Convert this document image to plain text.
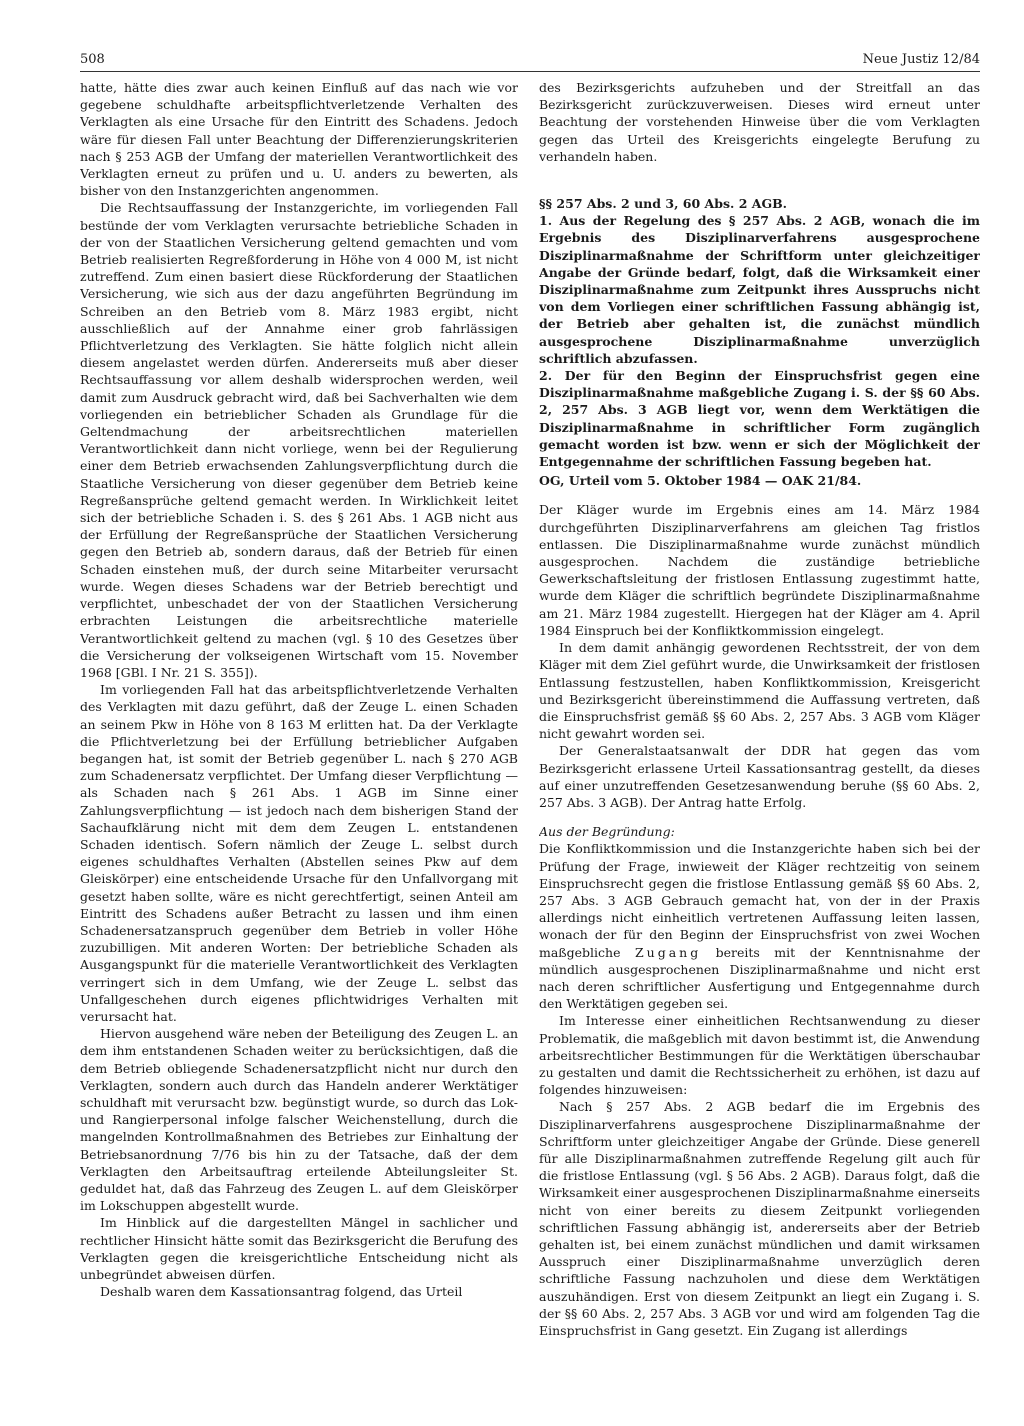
508	Neue Justiz 12/84

hatte, hätte dies zwar auch keinen Einfluß auf das nach wie vor gegebene schuldhafte arbeitspflichtverletzende Verhalten des Verklagten als eine Ursache für den Eintritt des Schadens. Jedoch wäre für diesen Fall unter Beachtung der Differenzierungskriterien nach § 253 AGB der Umfang der materiellen Verantwortlichkeit des Verklagten erneut zu prüfen und u. U. anders zu bewerten, als bisher von den Instanzgerichten angenommen.

Die Rechtsauffassung der Instanzgerichte, im vorliegenden Fall bestünde der vom Verklagten verursachte betriebliche Schaden in der von der Staatlichen Versicherung geltend gemachten und vom Betrieb realisierten Regreßforderung in Höhe von 4 000 M, ist nicht zutreffend. Zum einen basiert diese Rückforderung der Staatlichen Versicherung, wie sich aus der dazu angeführten Begründung im Schreiben an den Betrieb vom 8. März 1983 ergibt, nicht ausschließlich auf der Annahme einer grob fahrlässigen Pflichtverletzung des Verklagten. Sie hätte folglich nicht allein diesem angelastet werden dürfen. Andererseits muß aber dieser Rechtsauffassung vor allem deshalb widersprochen werden, weil damit zum Ausdruck gebracht wird, daß bei Sachverhalten wie dem vorliegenden ein betrieblicher Schaden als Grundlage für die Geltendmachung der arbeitsrechtlichen materiellen Verantwortlichkeit dann nicht vorliege, wenn bei der Regulierung einer dem Betrieb erwachsenden Zahlungsverpflichtung durch die Staatliche Versicherung von dieser gegenüber dem Betrieb keine Regreßansprüche geltend gemacht werden. In Wirklichkeit leitet sich der betriebliche Schaden i. S. des § 261 Abs. 1 AGB nicht aus der Erfüllung der Regreßansprüche der Staatlichen Versicherung gegen den Betrieb ab, sondern daraus, daß der Betrieb für einen Schaden einstehen muß, der durch seine Mitarbeiter verursacht wurde. Wegen dieses Schadens war der Betrieb berechtigt und verpflichtet, unbeschadet der von der Staatlichen Versicherung erbrachten Leistungen die arbeitsrechtliche materielle Verantwortlichkeit geltend zu machen (vgl. § 10 des Gesetzes über die Versicherung der volkseigenen Wirtschaft vom 15. November 1968 [GBl. I Nr. 21 S. 355]).

Im vorliegenden Fall hat das arbeitspflichtverletzende Verhalten des Verklagten mit dazu geführt, daß der Zeuge L. einen Schaden an seinem Pkw in Höhe von 8 163 M erlitten hat. Da der Verklagte die Pflichtverletzung bei der Erfüllung betrieblicher Aufgaben begangen hat, ist somit der Betrieb gegenüber L. nach § 270 AGB zum Schadenersatz verpflichtet. Der Umfang dieser Verpflichtung — als Schaden nach § 261 Abs. 1 AGB im Sinne einer Zahlungsverpflichtung — ist jedoch nach dem bisherigen Stand der Sachaufklärung nicht mit dem dem Zeugen L. entstandenen Schaden identisch. Sofern nämlich der Zeuge L. selbst durch eigenes schuldhaftes Verhalten (Abstellen seines Pkw auf dem Gleiskörper) eine entscheidende Ursache für den Unfallvorgang mit gesetzt haben sollte, wäre es nicht gerechtfertigt, seinen Anteil am Eintritt des Schadens außer Betracht zu lassen und ihm einen Schadenersatzanspruch gegenüber dem Betrieb in voller Höhe zuzubilligen. Mit anderen Worten: Der betriebliche Schaden als Ausgangspunkt für die materielle Verantwortlichkeit des Verklagten verringert sich in dem Umfang, wie der Zeuge L. selbst das Unfallgeschehen durch eigenes pflichtwidriges Verhalten mit verursacht hat.

Hiervon ausgehend wäre neben der Beteiligung des Zeugen L. an dem ihm entstandenen Schaden weiter zu berücksichtigen, daß die dem Betrieb obliegende Schadenersatzpflicht nicht nur durch den Verklagten, sondern auch durch das Handeln anderer Werktätiger schuldhaft mit verursacht bzw. begünstigt wurde, so durch das Lok- und Rangierpersonal infolge falscher Weichenstellung, durch die mangelnden Kontrollmaßnahmen des Betriebes zur Einhaltung der Betriebsanordnung 7/76 bis hin zu der Tatsache, daß der dem Verklagten den Arbeitsauftrag erteilende Abteilungsleiter St. geduldet hat, daß das Fahrzeug des Zeugen L. auf dem Gleiskörper im Lokschuppen abgestellt wurde.

Im Hinblick auf die dargestellten Mängel in sachlicher und rechtlicher Hinsicht hätte somit das Bezirksgericht die Berufung des Verklagten gegen die kreisgerichtliche Entscheidung nicht als unbegründet abweisen dürfen.

Deshalb waren dem Kassationsantrag folgend, das Urteil

des Bezirksgerichts aufzuheben und der Streitfall an das Bezirksgericht zurückzuverweisen. Dieses wird erneut unter Beachtung der vorstehenden Hinweise über die vom Verklagten gegen das Urteil des Kreisgerichts eingelegte Berufung zu verhandeln haben.

§§ 257 Abs. 2 und 3, 60 Abs. 2 AGB.

1. Aus der Regelung des § 257 Abs. 2 AGB, wonach die im Ergebnis des Disziplinarverfahrens ausgesprochene Disziplinarmaßnahme der Schriftform unter gleichzeitiger Angabe der Gründe bedarf, folgt, daß die Wirksamkeit einer Disziplinarmaßnahme zum Zeitpunkt ihres Ausspruchs nicht von dem Vorliegen einer schriftlichen Fassung abhängig ist, der Betrieb aber gehalten ist, die zunächst mündlich ausgesprochene Disziplinarmaßnahme unverzüglich schriftlich abzufassen.

2. Der für den Beginn der Einspruchsfrist gegen eine Disziplinarmaßnahme maßgebliche Zugang i. S. der §§ 60 Abs. 2, 257 Abs. 3 AGB liegt vor, wenn dem Werktätigen die Disziplinarmaßnahme in schriftlicher Form zugänglich gemacht worden ist bzw. wenn er sich der Möglichkeit der Entgegennahme der schriftlichen Fassung begeben hat.

OG, Urteil vom 5. Oktober 1984 — OAK 21/84.

Der Kläger wurde im Ergebnis eines am 14. März 1984 durchgeführten Disziplinarverfahrens am gleichen Tag fristlos entlassen. Die Disziplinarmaßnahme wurde zunächst mündlich ausgesprochen. Nachdem die zuständige betriebliche Gewerkschaftsleitung der fristlosen Entlassung zugestimmt hatte, wurde dem Kläger die schriftlich begründete Disziplinarmaßnahme am 21. März 1984 zugestellt. Hiergegen hat der Kläger am 4. April 1984 Einspruch bei der Konfliktkommission eingelegt.

In dem damit anhängig gewordenen Rechtsstreit, der von dem Kläger mit dem Ziel geführt wurde, die Unwirksamkeit der fristlosen Entlassung festzustellen, haben Konfliktkommission, Kreisgericht und Bezirksgericht übereinstimmend die Auffassung vertreten, daß die Einspruchsfrist gemäß §§ 60 Abs. 2, 257 Abs. 3 AGB vom Kläger nicht gewahrt worden sei.

Der Generalstaatsanwalt der DDR hat gegen das vom Bezirksgericht erlassene Urteil Kassationsantrag gestellt, da dieses auf einer unzutreffenden Gesetzesanwendung beruhe (§§ 60 Abs. 2, 257 Abs. 3 AGB). Der Antrag hatte Erfolg.

Aus der Begründung:

Die Konfliktkommission und die Instanzgerichte haben sich bei der Prüfung der Frage, inwieweit der Kläger rechtzeitig von seinem Einspruchsrecht gegen die fristlose Entlassung gemäß §§ 60 Abs. 2, 257 Abs. 3 AGB Gebrauch gemacht hat, von der in der Praxis allerdings nicht einheitlich vertretenen Auffassung leiten lassen, wonach der für den Beginn der Einspruchsfrist von zwei Wochen maßgebliche Zugang bereits mit der Kenntnisnahme der mündlich ausgesprochenen Disziplinarmaßnahme und nicht erst nach deren schriftlicher Ausfertigung und Entgegennahme durch den Werktätigen gegeben sei.

Im Interesse einer einheitlichen Rechtsanwendung zu dieser Problematik, die maßgeblich mit davon bestimmt ist, die Anwendung arbeitsrechtlicher Bestimmungen für die Werktätigen überschaubar zu gestalten und damit die Rechtssicherheit zu erhöhen, ist dazu auf folgendes hinzuweisen:

Nach § 257 Abs. 2 AGB bedarf die im Ergebnis des Disziplinarverfahrens ausgesprochene Disziplinarmaßnahme der Schriftform unter gleichzeitiger Angabe der Gründe. Diese generell für alle Disziplinarmaßnahmen zutreffende Regelung gilt auch für die fristlose Entlassung (vgl. § 56 Abs. 2 AGB). Daraus folgt, daß die Wirksamkeit einer ausgesprochenen Disziplinarmaßnahme einerseits nicht von einer bereits zu diesem Zeitpunkt vorliegenden schriftlichen Fassung abhängig ist, andererseits aber der Betrieb gehalten ist, bei einem zunächst mündlichen und damit wirksamen Ausspruch einer Disziplinarmaßnahme unverzüglich deren schriftliche Fassung nachzuholen und diese dem Werktätigen auszuhändigen. Erst von diesem Zeitpunkt an liegt ein Zugang i. S. der §§ 60 Abs. 2, 257 Abs. 3 AGB vor und wird am folgenden Tag die Einspruchsfrist in Gang gesetzt. Ein Zugang ist allerdings
